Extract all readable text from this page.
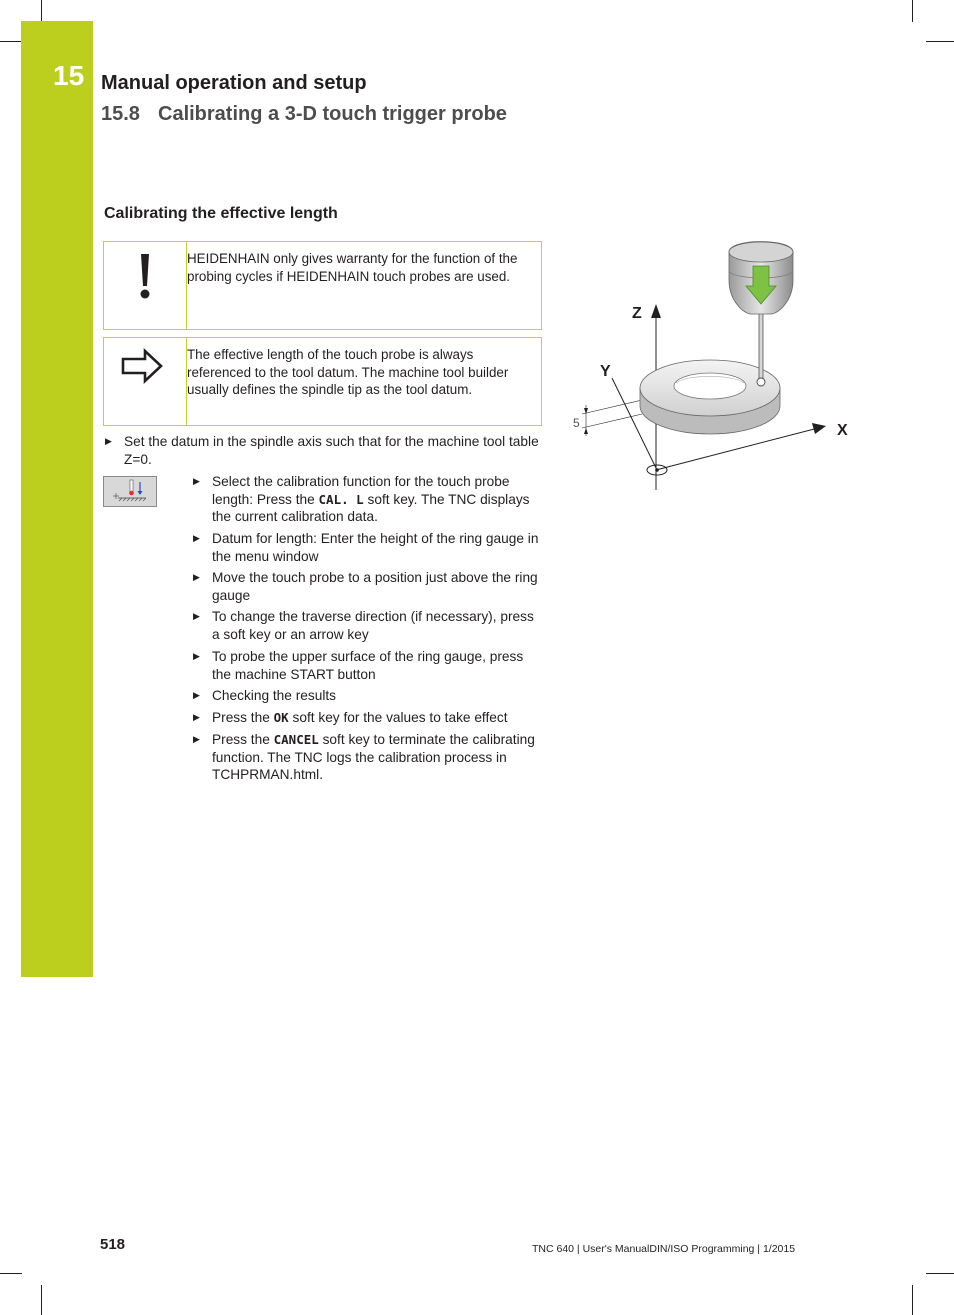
15 Manual operation and setup
15.8 Calibrating a 3-D touch trigger probe
Calibrating the effective length
HEIDENHAIN only gives warranty for the function of the probing cycles if HEIDENHAIN touch probes are used.
The effective length of the touch probe is always referenced to the tool datum. The machine tool builder usually defines the spindle tip as the tool datum.
▶ Set the datum in the spindle axis such that for the machine tool table Z=0.
▶ Select the calibration function for the touch probe length: Press the CAL. L soft key. The TNC displays the current calibration data.
▶ Datum for length: Enter the height of the ring gauge in the menu window
▶ Move the touch probe to a position just above the ring gauge
▶ To change the traverse direction (if necessary), press a soft key or an arrow key
▶ To probe the upper surface of the ring gauge, press the machine START button
▶ Checking the results
▶ Press the OK soft key for the values to take effect
▶ Press the CANCEL soft key to terminate the calibrating function. The TNC logs the calibration process in TCHPRMAN.html.
Z
Y
X
5
518	TNC 640 | User's ManualDIN/ISO Programming | 1/2015
